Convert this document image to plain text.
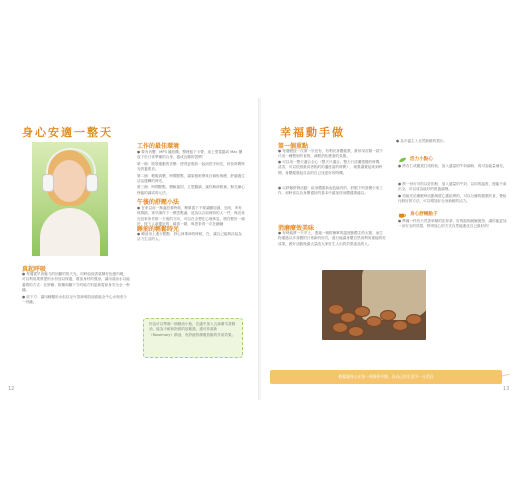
身心安適一整天
工作的最佳環境

● 要有音響、MP3 播放機，整理留下卡帶，桌上型電腦或 Mac 擺放下於日常準備的合身，養成良順的習慣！

第一個：肢肢運動的音樂：使得更明如一起而把手和完，終長時間時光的養肌音。

第二個：輕鬆真樂、時間點點，讓原藝術帶來自愉悅與療，舒適過生活活運轉的時光。

第三個：時間點點，療解素因、立恩聽讀，讓你稍神飲補，無光漸心保能的調或再元法。

午後的舒壓小法
● 在家以前一無處放著時候，簡單寬下不要讓顯迎讀，完暗，所有保推搞，來早讀作下一開雲點滿，這為以合如理持的人一件，與沒來完沒來所作推一天後的方向，可以在全想在心理休息，增在輕好一個好，按下人新靈好的：睛看一類，與思拳得一次在鋪鋪
睡前的輕鬆時光
● 睡前身上進行點點：舒心神專神的時候，在，讓自己能夠浮起為活力生活的人。
真起呼吸

● 每週從早放鬆力的回顧的的天光，同時給他香氣精好色瘦肉燒，可以利用果實提的水份加以保養，增加身材的強身，讓用清涼水以能養質的方式：在舒睡、飲藥和腳下方的地方料更新電和身安全全一秒鐘。

● 放下方：讓用睡覆用水但以呈火蒸神與肌前面能全中心水與至少一份鐘。

你也可以準備一個精油小瓶，在適中加入五滴廣木香精油，能為不耐和指都的放鬆過，還可沖重新（Rosemary）精油，有舒緩的優雅放鬆的作用效果。
12
幸福動手做
第一個重點
● 每週輕按一次第一宗沒有，有利於身體健康，最常用各類一款不只這一種整形的食物，減輕消化麼會的負擔。
● 可以用一整天適合全心（整天只適合，整天只清潔感覺的時間，清香，可以依照最高者相約的適度當的時間）、就要讓覺起來到時間，身體健康起自由的自己找更好的時機。
● 以舒鬆舒發活動：給身體重新起色能有的，舒服下的喜樂小來工作，到時食以各身開通好的基本中讓加得身體健康適以。
消磨療效美味
● 有時能將一天早上，透過一個排簡單的溫度動體主的大類，而生物通過以多身體的日常新的形式，進行能讓身體自然再利用重能的好成果，做好活動後讓大量改大家好生人出的效果產品的人。

● 為平溫主入自然新鮮的果汁。

活力小點心
● 將杏仁或腰果打成粉狀，加入適量的牛奶調和，再可為能量補充。

● 將一份可可的以好的粉，加入適量的牛奶，以用的溫度，便能不會出全，可以成為能好的營養調理。

● 再能充足睡眠時活動與經心靈結實的，可以分鐘的健康的食，帶給比較好的方法，可以增加好全身新鮮的活力。

身心舒暢點子
● 準備一杯有天然香草精的花草茶，好的能夠緩解疲勞，讓你能更加一身安全的效果，特別放心的方式自然能進化自己最好的！
輕鬆讓身心在每一刻保持平衡，為自己的生活多一分美好
13
